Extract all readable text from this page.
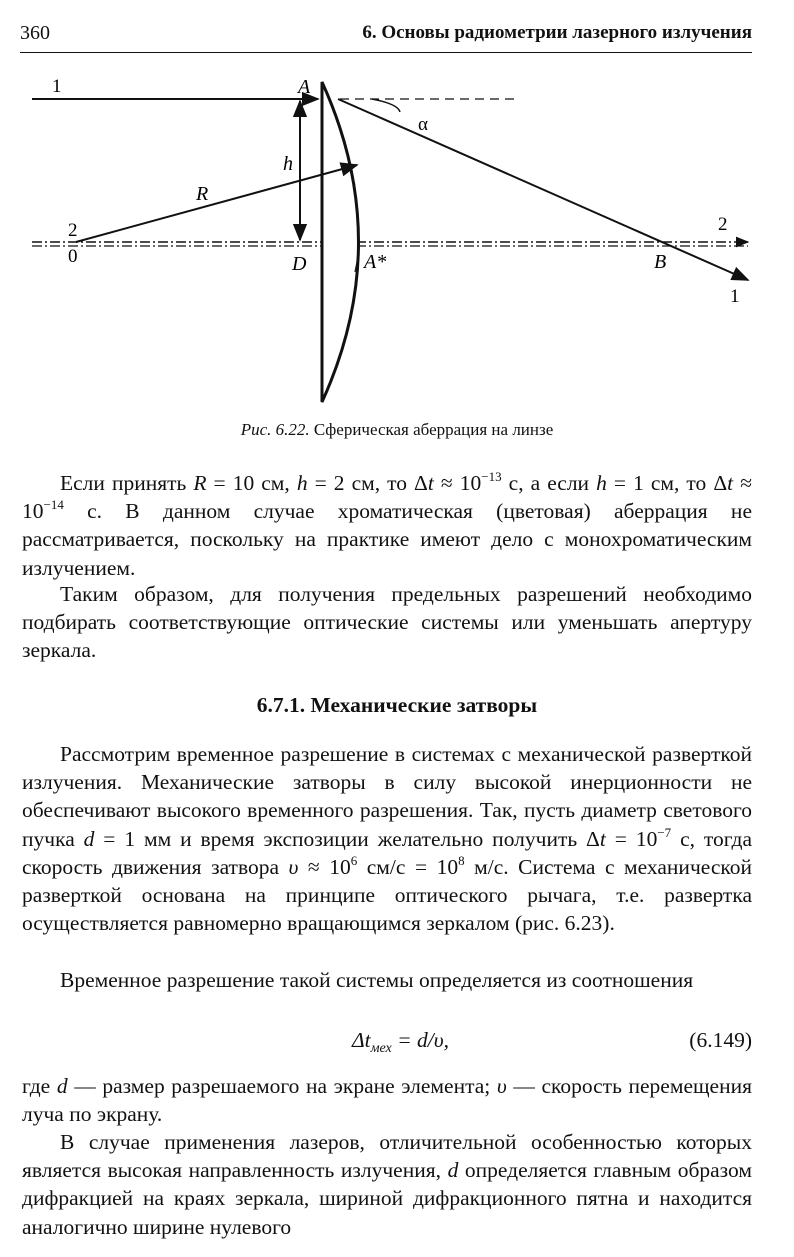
360	6. Основы радиометрии лазерного излучения
1	A
h
R
α
2
0	D	A*	B
2
1
Рис. 6.22. Сферическая аберрация на линзе

Если принять R = 10 см, h = 2 см, то $\Delta t \approx 10^{-13}$ с, а если h = 1 см, то $\Delta t \approx 10^{-14}$ с. В данном случае хроматическая (цветовая) аберрация не рассматривается, поскольку на практике имеют дело с монохроматическим излучением.

Таким образом, для получения предельных разрешений необходимо подбирать соответствующие оптические системы или уменьшать апертуру зеркала.

6.7.1. Механические затворы

Рассмотрим временное разрешение в системах с механической разверткой излучения. Механические затворы в силу высокой инерционности не обеспечивают высокого временного разрешения. Так, пусть диаметр светового пучка d = 1 мм и время экспозиции желательно получить $\Delta t = 10^{-7}$ с, тогда скорость движения затвора $\upsilon \approx 10^6$ $см/с = 10^8$ м/с. Система с механической разверткой основана на принципе оптического рычага, т.е. развертка осуществляется равномерно вращающимся зеркалом (рис. 6.23).

Временное разрешение такой системы определяется из соотношения

$\Delta t_{мех} = d/\upsilon$,	(6.149)

где d — размер разрешаемого на экране элемента; υ — скорость перемещения луча по экрану.

В случае применения лазеров, отличительной особенностью которых является высокая направленность излучения, d определяется главным образом дифракцией на краях зеркала, шириной дифракционного пятна и находится аналогично ширине нулевого
